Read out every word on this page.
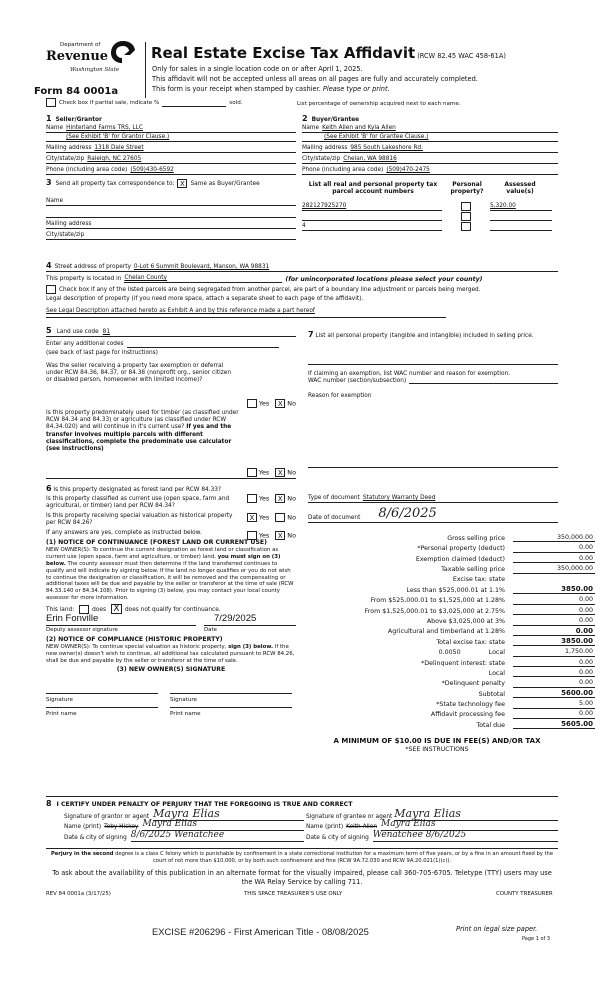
Department of
Revenue
Washington State
Form 84 0001a
Real Estate Excise Tax Affidavit (RCW 82.45 WAC 458-61A)
Only for sales in a single location code on or after April 1, 2025.
This affidavit will not be accepted unless all areas on all pages are fully and accurately completed.
This form is your receipt when stamped by cashier. Please type or print.
Check box if partial sale, indicate %	sold.	List percentage of ownership acquired next to each name.
1 Seller/Grantor
Name Hinterland Farms TRS, LLC
(See Exhibit 'B' for Grantor Clause.)
Mailing address 1318 Dale Street
City/state/zip Raleigh, NC 27605
Phone (including area code) (509)430-6592
3 Send all property tax correspondence to: X Same as Buyer/Grantee
Name
Mailing address
City/state/zip
2 Buyer/Grantee
Name Keith Allen and Kyla Allen
(See Exhibit 'B' for Grantee Clause.)
Mailing address 985 South Lakeshore Rd.
City/state/zip Chelan, WA 98816
Phone (including area code) (509)470-2475
List all real and personal property tax parcel account numbers
Personal property?
Assessed value(s)
282127925270	5,320.00
4
4 Street address of property 0-Lot 6 Summit Boulevard, Manson, WA 98831
This property is located in Chelan County	(for unincorporated locations please select your county)
Check box if any of the listed parcels are being segregated from another parcel, are part of a boundary line adjustment or parcels being merged.
Legal description of property (if you need more space, attach a separate sheet to each page of the affidavit).
See Legal Description attached hereto as Exhibit A and by this reference made a part hereof
5 Land use code 81
Enter any additional codes
(see back of last page for instructions)
Was the seller receiving a property tax exemption or deferral under RCW 84.36, 84.37, or 84.38 (nonprofit org., senior citizen or disabled person, homeowner with limited income)?
Yes X No
Is this property predominately used for timber (as classified under RCW 84.34 and 84.33) or agriculture (as classified under RCW 84.34.020) and will continue in it's current use? If yes and the transfer involves multiple parcels with different classifications, complete the predominate use calculator (see instructions)
Yes X No
7 List all personal property (tangible and intangible) included in selling price.
If claiming an exemption, list WAC number and reason for exemption.
WAC number (section/subsection)
Reason for exemption
6 Is this property designated as forest land per RCW 84.33?
Yes X No
Is this property classified as current use (open space, farm and agricultural, or timber) land per RCW 84.34?
X Yes	No
Is this property receiving special valuation as historical property per RCW 84.26?
Yes X No
If any answers are yes, complete as instructed below.
(1) NOTICE OF CONTINUANCE (FOREST LAND OR CURRENT USE)
NEW OWNER(S): To continue the current designation as forest land or classification as current use (open space, farm and agriculture, or timber) land, you must sign on (3) below. The county assessor must then determine if the land transferred continues to qualify and will indicate by signing below. If the land no longer qualifies or you do not wish to continue the designation or classification, it will be removed and the compensating or additional taxes will be due and payable by the seller or transferor at the time of sale (RCW 84.33.140 or 84.34.108). Prior to signing (3) below, you may contact your local county assessor for more information.
This land:	does X does not qualify for continuance.
Erin Fonville	7/29/2025
Deputy assessor signature	Date
(2) NOTICE OF COMPLIANCE (HISTORIC PROPERTY)
NEW OWNER(S): To continue special valuation as historic property, sign (3) below. If the new owner(s) doesn't wish to continue, all additional tax calculated pursuant to RCW 84.26, shall be due and payable by the seller or transferor at the time of sale.
(3) NEW OWNER(S) SIGNATURE
Signature	Signature
Print name	Print name
Type of document Statutory Warranty Deed
Date of document 8/6/2025
Gross selling price	350,000.00
*Personal property (deduct)	0.00
Exemption claimed (deduct)	0.00
Taxable selling price	350,000.00
Excise tax: state
Less than $525,000.01 at 1.1%	3850.00
From $525,000.01 to $1,525,000 at 1.28%	0.00
From $1,525,000.01 to $3,025,000 at 2.75%	0.00
Above $3,025,000 at 3%	0.00
Agricultural and timberland at 1.28%	0.00
Total excise tax: state	3850.00
0.0050	Local	1,750.00
*Delinquent interest: state	0.00
Local	0.00
*Delinquent penalty	0.00
Subtotal	5600.00
*State technology fee	5.00
Affidavit processing fee	0.00
Total due	5605.00
A MINIMUM OF $10.00 IS DUE IN FEE(S) AND/OR TAX
*SEE INSTRUCTIONS
8 I CERTIFY UNDER PENALTY OF PERJURY THAT THE FOREGOING IS TRUE AND CORRECT
Signature of grantor or agent Mayra Elias
Name (print) Toby Hickey Mayra Elias
Date & city of signing 8/6/2025 Wenatchee
Signature of grantee or agent Mayra Elias
Name (print) Keith Allen Mayra Elias
Date & city of signing Wenatchee 8/6/2025
Perjury in the second degree is a class C felony which is punishable by confinement in a state correctional institution for a maximum term of five years, or by a fine in an amount fixed by the court of not more than $10,000, or by both such confinement and fine (RCW 9A.72.030 and RCW 9A.20.021(1)(c)).
To ask about the availability of this publication in an alternate format for the visually impaired, please call 360-705-6705. Teletype (TTY) users may use the WA Relay Service by calling 711.
REV 84 0001a (3/17/25)	THIS SPACE TREASURER'S USE ONLY	COUNTY TREASURER
EXCISE #206296 - First American Title - 08/08/2025	Print on legal size paper.
Page 1 of 3
